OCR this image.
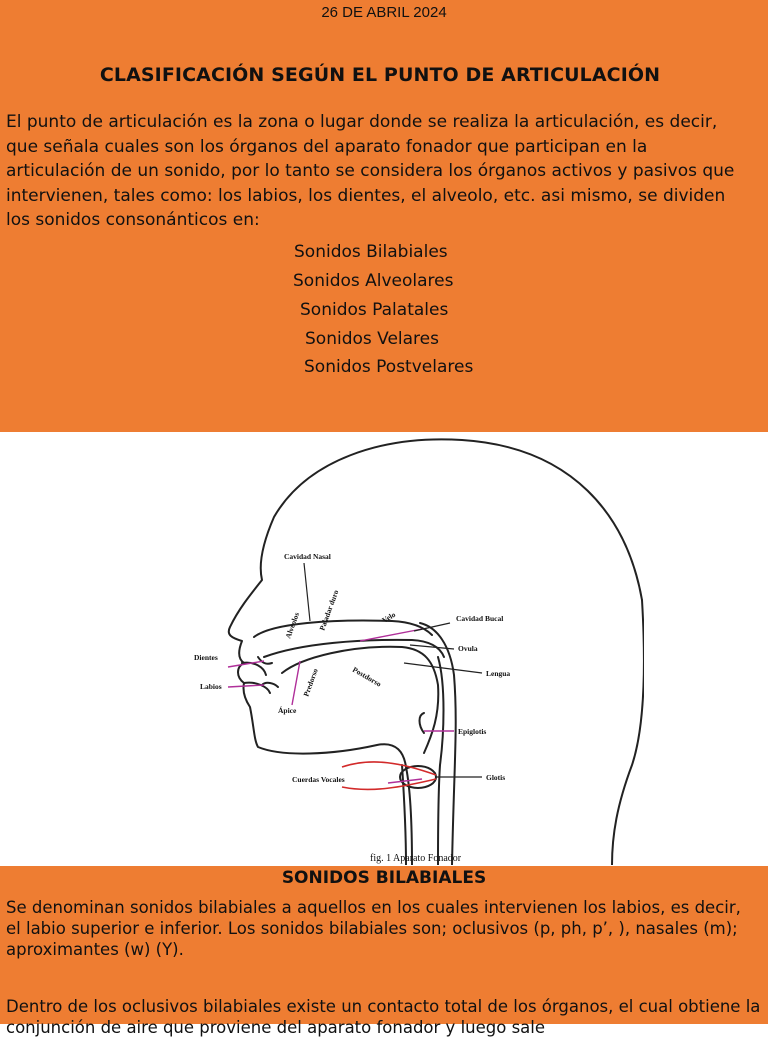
26 DE ABRIL 2024
CLASIFICACIÓN SEGÚN EL PUNTO DE ARTICULACIÓN

El punto de articulación es la zona o lugar donde se realiza la articulación, es decir, que señala cuales son los órganos del aparato fonador que participan en la articulación de un sonido, por lo tanto se considera los órganos activos y pasivos que intervienen, tales como: los labios, los dientes, el alveolo, etc. asi mismo, se dividen los sonidos consonánticos en:

Sonidos Bilabiales
Sonidos Alveolares
Sonidos Palatales
Sonidos Velares
Sonidos Postvelares
Cavidad Nasal
Cavidad Bucal
Ovula
Lengua
Dientes
Labios
Ápice
Epiglotis
Glotis
Cuerdas Vocales
Alveolos Paladar duro	Velo
Predorso	Postdorso
fig. 1 Aparato Fonador
SONIDOS BILABIALES

Se denominan sonidos bilabiales a aquellos en los cuales intervienen los labios, es decir, el labio superior e inferior. Los sonidos bilabiales son; oclusivos (p, ph, p’, ), nasales (m); aproximantes (w) (Y).

Dentro de los oclusivos bilabiales existe un contacto total de los órganos, el cual obtiene la conjunción de aire que proviene del aparato fonador y luego sale
